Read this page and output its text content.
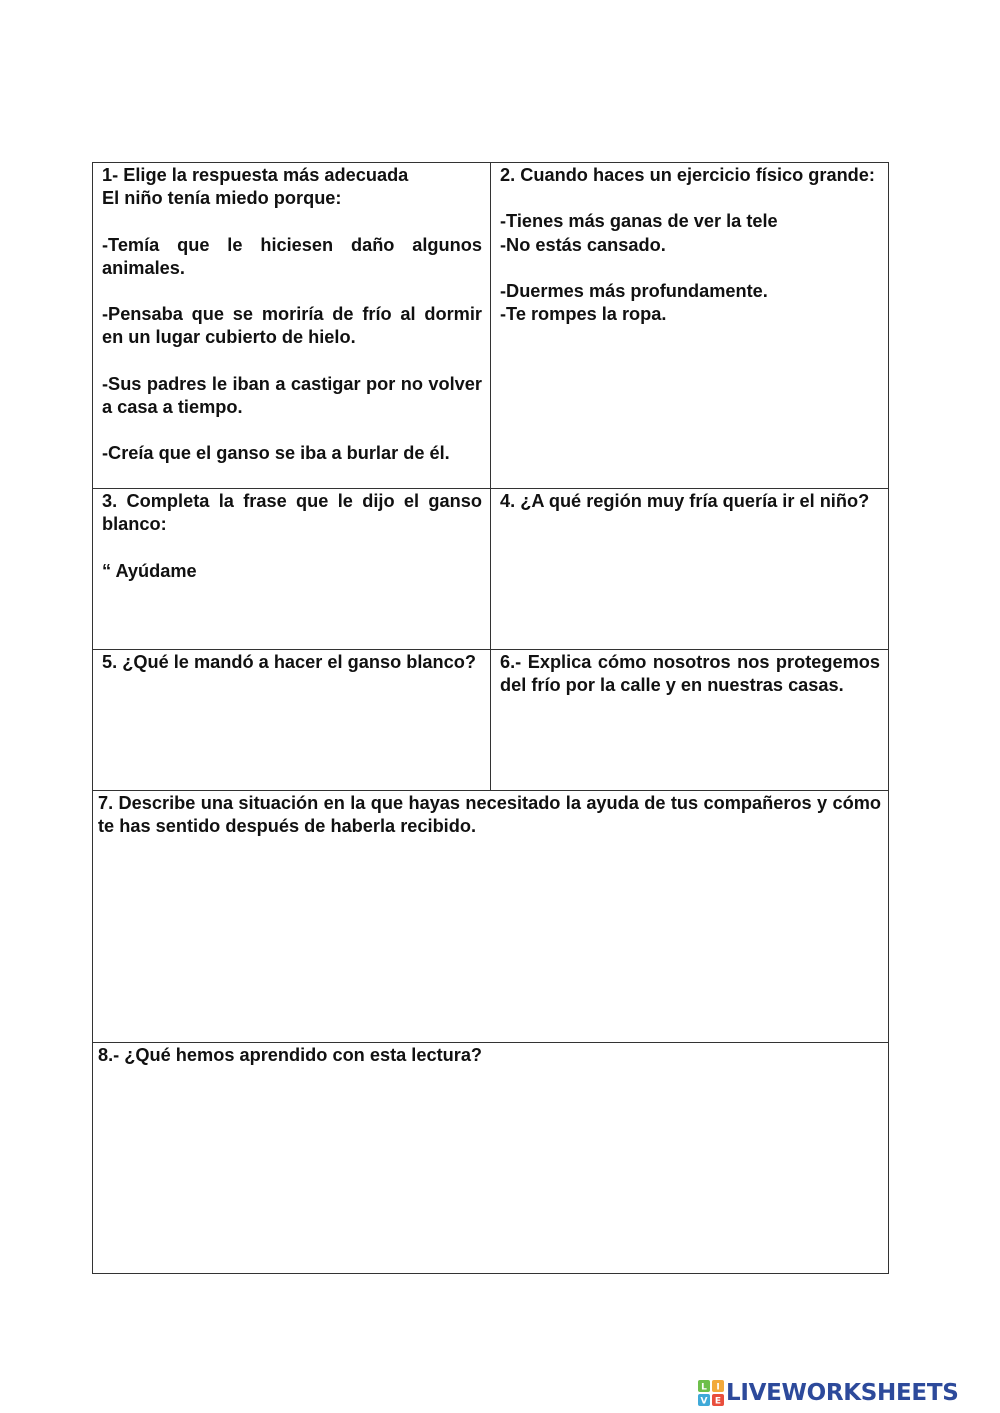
1- Elige la respuesta más adecuada

El niño tenía miedo porque:

-Temía que le hiciesen daño algunos animales.

-Pensaba que se moriría de frío al dormir en un lugar cubierto de hielo.

-Sus padres le iban a castigar por no volver a casa a tiempo.

-Creía que el ganso se iba a burlar de él.

2. Cuando haces un ejercicio físico grande:

-Tienes más ganas de ver la tele

-No estás cansado.

-Duermes más profundamente.

-Te rompes la ropa.

3. Completa la frase que le dijo el ganso blanco:

“ Ayúdame

4. ¿A qué región muy fría quería ir el niño?

5. ¿Qué le mandó a hacer el ganso blanco?	6.- Explica cómo nosotros nos protegemos del frío por la calle y en nuestras casas.

7. Describe una situación en la que hayas necesitado la ayuda de tus compañeros y cómo te has sentido después de haberla recibido.

8.- ¿Qué hemos aprendido con esta lectura?

L I
V E LIVEWORKSHEETS
